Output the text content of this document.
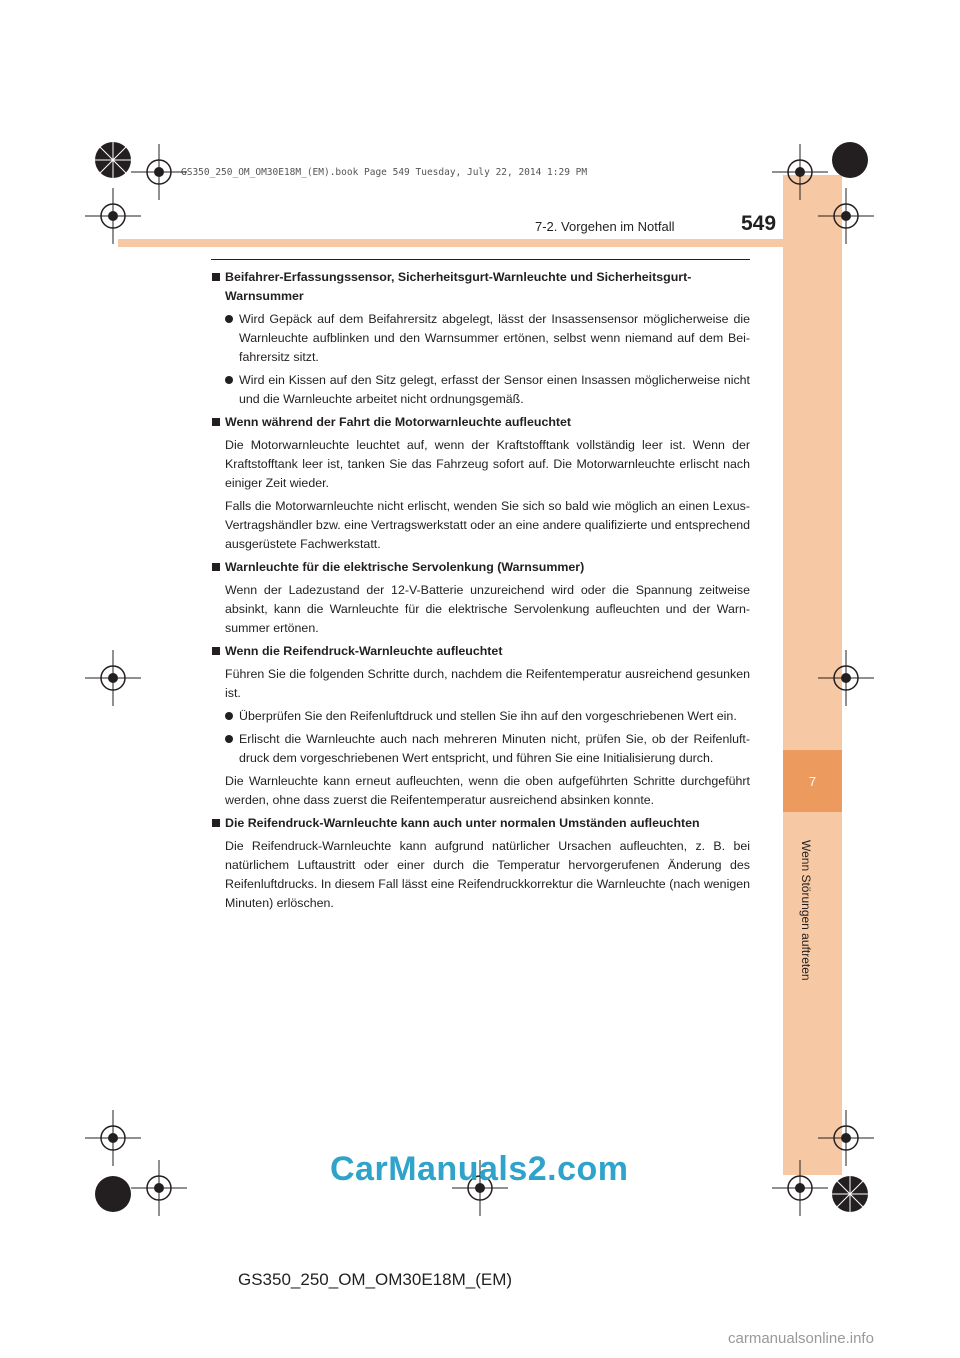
7
Wenn Störungen auftreten
GS350_250_OM_OM30E18M_(EM).book Page 549 Tuesday, July 22, 2014 1:29 PM
7-2. Vorgehen im Notfall	549
Beifahrer-Erfassungssensor, Sicherheitsgurt-Warnleuchte und Sicherheitsgurt-Warnsummer
Wird Gepäck auf dem Beifahrersitz abgelegt, lässt der Insassensensor möglicherweise die Warnleuchte aufblinken und den Warnsummer ertönen, selbst wenn niemand auf dem Beifahrersitz sitzt.
Wird ein Kissen auf den Sitz gelegt, erfasst der Sensor einen Insassen möglicherweise nicht und die Warnleuchte arbeitet nicht ordnungsgemäß.
Wenn während der Fahrt die Motorwarnleuchte aufleuchtet
Die Motorwarnleuchte leuchtet auf, wenn der Kraftstofftank vollständig leer ist. Wenn der Kraftstofftank leer ist, tanken Sie das Fahrzeug sofort auf. Die Motorwarnleuchte erlischt nach einiger Zeit wieder.
Falls die Motorwarnleuchte nicht erlischt, wenden Sie sich so bald wie möglich an einen Lexus-Vertragshändler bzw. eine Vertragswerkstatt oder an eine andere qualifizierte und entsprechend ausgerüstete Fachwerkstatt.
Warnleuchte für die elektrische Servolenkung (Warnsummer)
Wenn der Ladezustand der 12-V-Batterie unzureichend wird oder die Spannung zeitweise absinkt, kann die Warnleuchte für die elektrische Servolenkung aufleuchten und der Warnsummer ertönen.
Wenn die Reifendruck-Warnleuchte aufleuchtet
Führen Sie die folgenden Schritte durch, nachdem die Reifentemperatur ausreichend gesunken ist.
Überprüfen Sie den Reifenluftdruck und stellen Sie ihn auf den vorgeschriebenen Wert ein.
Erlischt die Warnleuchte auch nach mehreren Minuten nicht, prüfen Sie, ob der Reifenluftdruck dem vorgeschriebenen Wert entspricht, und führen Sie eine Initialisierung durch.
Die Warnleuchte kann erneut aufleuchten, wenn die oben aufgeführten Schritte durchgeführt werden, ohne dass zuerst die Reifentemperatur ausreichend absinken konnte.
Die Reifendruck-Warnleuchte kann auch unter normalen Umständen aufleuchten
Die Reifendruck-Warnleuchte kann aufgrund natürlicher Ursachen aufleuchten, z. B. bei natürlichem Luftaustritt oder einer durch die Temperatur hervorgerufenen Änderung des Reifenluftdrucks. In diesem Fall lässt eine Reifendruckkorrektur die Warnleuchte (nach wenigen Minuten) erlöschen.
CarManuals2.com
GS350_250_OM_OM30E18M_(EM)
carmanualsonline.info
